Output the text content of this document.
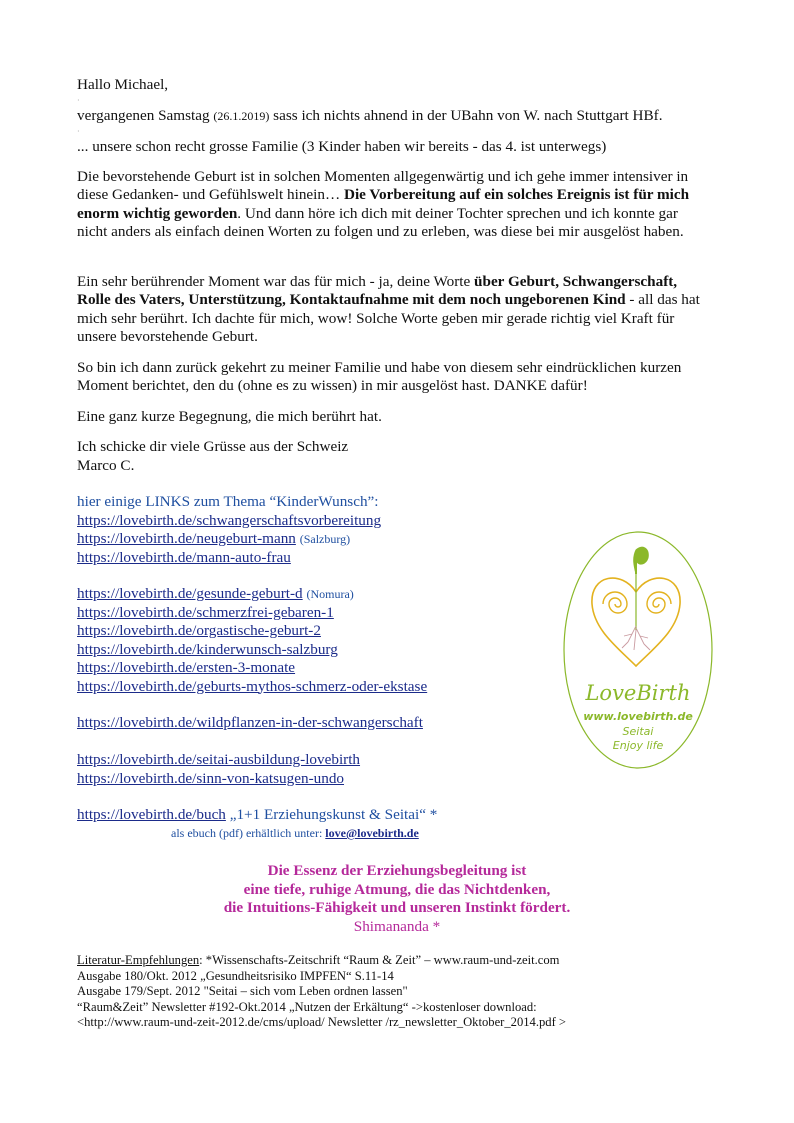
Hallo Michael,

·

vergangenen Samstag (26.1.2019) sass ich nichts ahnend in der UBahn von W. nach Stuttgart HBf.

·

... unsere schon recht grosse Familie (3 Kinder haben wir bereits - das 4. ist unterwegs)

Die bevorstehende Geburt ist in solchen Momenten allgegenwärtig und ich gehe immer intensiver in diese Gedanken- und Gefühlswelt hinein… Die Vorbereitung auf ein solches Ereignis ist für mich enorm wichtig geworden. Und dann höre ich dich mit deiner Tochter sprechen und ich konnte gar nicht anders als einfach deinen Worten zu folgen und zu erleben, was diese bei mir ausgelöst haben.

Ein sehr berührender Moment war das für mich - ja, deine Worte über Geburt, Schwangerschaft, Rolle des Vaters, Unterstützung, Kontaktaufnahme mit dem noch ungeborenen Kind - all das hat mich sehr berührt. Ich dachte für mich, wow! Solche Worte geben mir gerade richtig viel Kraft für unsere bevorstehende Geburt.

So bin ich dann zurück gekehrt zu meiner Familie und habe von diesem sehr eindrücklichen kurzen Moment berichtet, den du (ohne es zu wissen) in mir ausgelöst hast. DANKE dafür!

Eine ganz kurze Begegnung, die mich berührt hat.

Ich schicke dir viele Grüsse aus der Schweiz

Marco C.

hier einige LINKS zum Thema “KinderWunsch”:
https://lovebirth.de/schwangerschaftsvorbereitung
https://lovebirth.de/neugeburt-mann (Salzburg)
https://lovebirth.de/mann-auto-frau
https://lovebirth.de/gesunde-geburt-d (Nomura)
https://lovebirth.de/schmerzfrei-gebaren-1
https://lovebirth.de/orgastische-geburt-2
https://lovebirth.de/kinderwunsch-salzburg
https://lovebirth.de/ersten-3-monate
https://lovebirth.de/geburts-mythos-schmerz-oder-ekstase
https://lovebirth.de/wildpflanzen-in-der-schwangerschaft
https://lovebirth.de/seitai-ausbildung-lovebirth
https://lovebirth.de/sinn-von-katsugen-undo
https://lovebirth.de/buch „1+1 Erziehungskunst & Seitai“ *
als ebuch (pdf) erhältlich unter: love@lovebirth.de
Die Essenz der Erziehungsbegleitung ist
eine tiefe, ruhige Atmung, die das Nichtdenken,
die Intuitions-Fähigkeit und unseren Instinkt fördert.
Shimananda *
Literatur-Empfehlungen: *Wissenschafts-Zeitschrift “Raum & Zeit” – www.raum-und-zeit.com
Ausgabe 180/Okt. 2012 „Gesundheitsrisiko IMPFEN“ S.11-14
Ausgabe 179/Sept. 2012 "Seitai – sich vom Leben ordnen lassen"
“Raum&Zeit” Newsletter #192-Okt.2014 „Nutzen der Erkältung“ ->kostenloser download:
<http://www.raum-und-zeit-2012.de/cms/upload/ Newsletter /rz_newsletter_Oktober_2014.pdf >
LoveBirth
www.lovebirth.de
Seitai
Enjoy life
